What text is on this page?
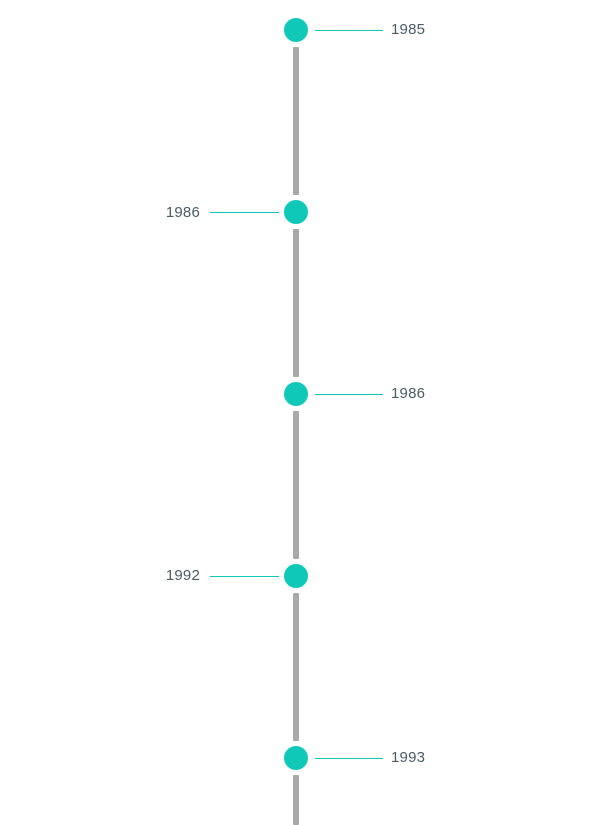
1985
1986
1986
1992
1993
